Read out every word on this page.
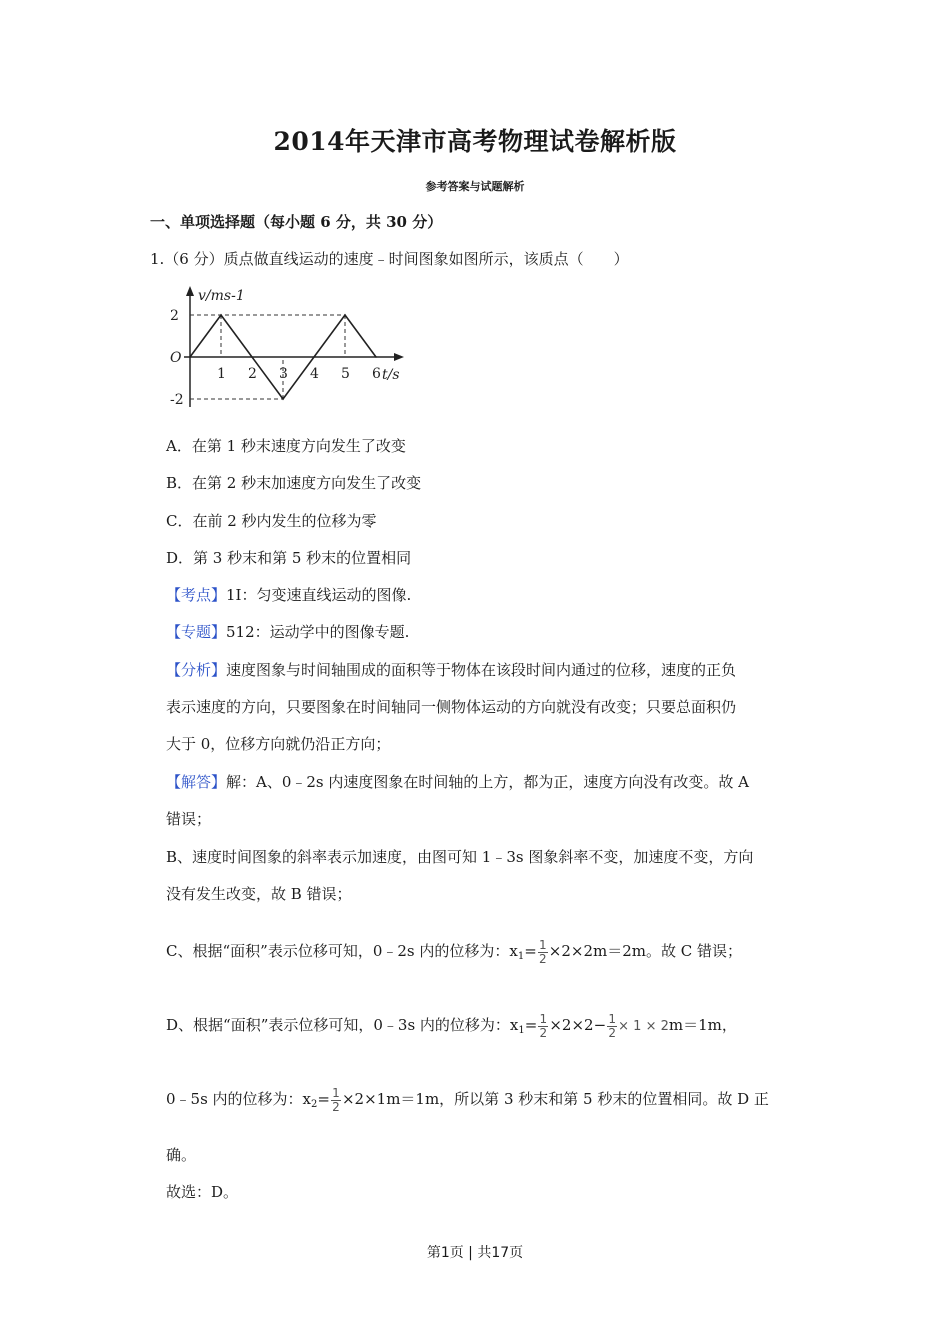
2014年天津市高考物理试卷解析版
参考答案与试题解析
一、单项选择题（每小题 6 分，共 30 分）
1.（6 分）质点做直线运动的速度﹣时间图象如图所示，该质点（　　）
v/ms-1
t/s
O
2
-2
1 2 3 4 5 6
A．在第 1 秒末速度方向发生了改变
B．在第 2 秒末加速度方向发生了改变
C．在前 2 秒内发生的位移为零
D．第 3 秒末和第 5 秒末的位置相同
【考点】1I：匀变速直线运动的图像.
【专题】512：运动学中的图像专题.
【分析】速度图象与时间轴围成的面积等于物体在该段时间内通过的位移，速度的正负
表示速度的方向，只要图象在时间轴同一侧物体运动的方向就没有改变；只要总面积仍
大于 0，位移方向就仍沿正方向；
【解答】解：A、0﹣2s 内速度图象在时间轴的上方，都为正，速度方向没有改变。故 A
错误；
B、速度时间图象的斜率表示加速度，由图可知 1﹣3s 图象斜率不变，加速度不变，方向
没有发生改变，故 B 错误；
C、根据“面积”表示位移可知，0﹣2s 内的位移为：$x_1= \frac{1}{2} \times 2\times 2m=2m$。故 C 错误；
D、根据“面积”表示位移可知，0﹣3s 内的位移为：$x_1= \frac{1}{2} \times 2\times 2- \frac{1}{2} \times 1 \times 2m=1m$，
0﹣5s 内的位移为：$x_2= \frac{1}{2} \times 2\times 1m=1m$，所以第 3 秒末和第 5 秒末的位置相同。故 D 正
确。
故选：D。
第1页 | 共17页
